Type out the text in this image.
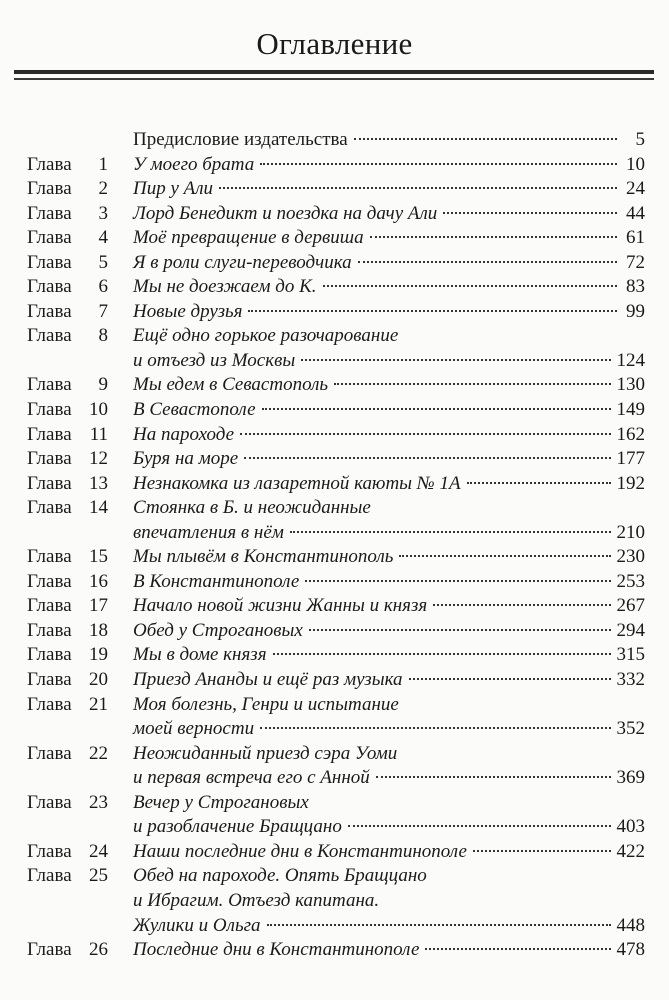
Оглавление
Предисловие издательства	5
Глава	1 У моего брата	10
Глава	2 Пир у Али	24
Глава	3 Лорд Бенедикт и поездка на дачу Али	44
Глава	4 Моё превращение в дервиша	61
Глава	5 Я в роли слуги-переводчика	72
Глава	6 Мы не доезжаем до К.	83
Глава	7 Новые друзья	99
Глава	8 Ещё одно горькое разочарование
и отъезд из Москвы	124
Глава	9 Мы едем в Севастополь	130
Глава 10 В Севастополе	149
Глава 11 На пароходе	162
Глава 12 Буря на море	177
Глава 13 Незнакомка из лазаретной каюты № 1А	192
Глава 14 Стоянка в Б. и неожиданные
впечатления в нём	210
Глава 15 Мы плывём в Константинополь	230
Глава 16 В Константинополе	253
Глава 17 Начало новой жизни Жанны и князя	267
Глава 18 Обед у Строгановых	294
Глава 19 Мы в доме князя	315
Глава 20 Приезд Ананды и ещё раз музыка	332
Глава 21 Моя болезнь, Генри и испытание
моей верности	352
Глава 22 Неожиданный приезд сэра Уоми
и первая встреча его с Анной	369
Глава 23 Вечер у Строгановых
и разоблачение Бращцано	403
Глава 24 Наши последние дни в Константинополе	422
Глава 25 Обед на пароходе. Опять Бращцано
и Ибрагим. Отъезд капитана.
Жулики и Ольга	448
Глава 26 Последние дни в Константинополе	478
